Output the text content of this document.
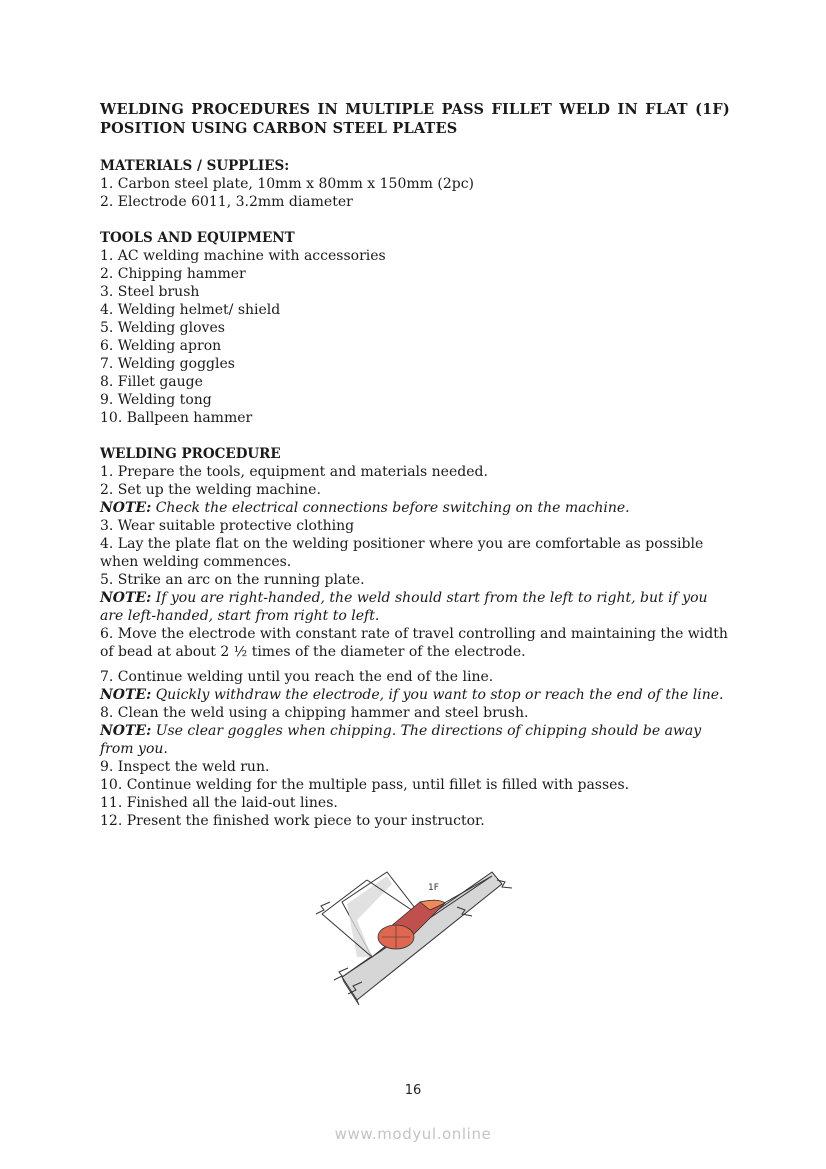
WELDING PROCEDURES IN MULTIPLE PASS FILLET WELD IN FLAT (1F)
POSITION USING CARBON STEEL PLATES

MATERIALS / SUPPLIES:

1. Carbon steel plate, 10mm x 80mm x 150mm (2pc)

2. Electrode 6011, 3.2mm diameter

TOOLS AND EQUIPMENT

1. AC welding machine with accessories

2. Chipping hammer

3. Steel brush

4. Welding helmet/ shield

5. Welding gloves

6. Welding apron

7. Welding goggles

8. Fillet gauge

9. Welding tong

10. Ballpeen hammer

WELDING PROCEDURE

1. Prepare the tools, equipment and materials needed.

2. Set up the welding machine.

NOTE: Check the electrical connections before switching on the machine.

3. Wear suitable protective clothing

4. Lay the plate flat on the welding positioner where you are comfortable as possible when welding commences.

5. Strike an arc on the running plate.

NOTE: If you are right-handed, the weld should start from the left to right, but if you are left-handed, start from right to left.

6. Move the electrode with constant rate of travel controlling and maintaining the width of bead at about 2 ½ times of the diameter of the electrode.

7. Continue welding until you reach the end of the line.

NOTE: Quickly withdraw the electrode, if you want to stop or reach the end of the line.

8. Clean the weld using a chipping hammer and steel brush.

NOTE: Use clear goggles when chipping. The directions of chipping should be away from you.

9. Inspect the weld run.

10. Continue welding for the multiple pass, until fillet is filled with passes.

11. Finished all the laid-out lines.

12. Present the finished work piece to your instructor.

1F
16
www.modyul.online
